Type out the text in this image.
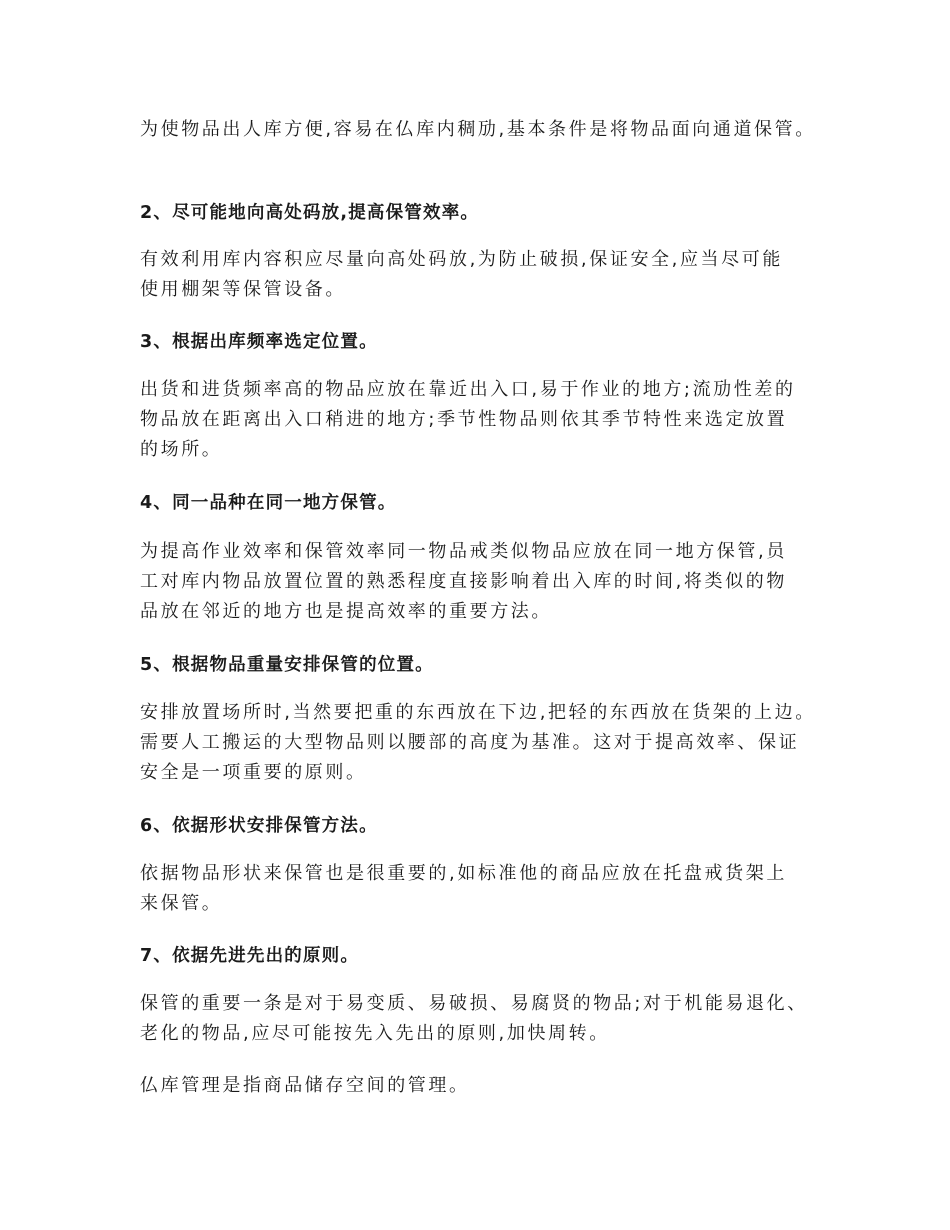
为使物品出人库方便,容易在仏库内稠劢,基本条件是将物品面向通道保管。

2、尽可能地向高处码放,提高保管效率。

有效利用库内容积应尽量向高处码放,为防止破损,保证安全,应当尽可能
使用棚架等保管设备。

3、根据出库频率选定位置。

出货和进货频率高的物品应放在靠近出入口,易于作业的地方;流劢性差的
物品放在距离出入口稍进的地方;季节性物品则依其季节特性来选定放置
的场所。

4、同一品种在同一地方保管。

为提高作业效率和保管效率同一物品戒类似物品应放在同一地方保管,员
工对库内物品放置位置的熟悉程度直接影响着出入库的时间,将类似的物
品放在邻近的地方也是提高效率的重要方法。

5、根据物品重量安排保管的位置。

安排放置场所时,当然要把重的东西放在下边,把轻的东西放在货架的上边。
需要人工搬运的大型物品则以腰部的高度为基准。这对于提高效率、保证
安全是一项重要的原则。

6、依据形状安排保管方法。

依据物品形状来保管也是很重要的,如标准他的商品应放在托盘戒货架上
来保管。

7、依据先进先出的原则。

保管的重要一条是对于易变质、易破损、易腐贤的物品;对于机能易退化、
老化的物品,应尽可能按先入先出的原则,加快周转。

仏库管理是指商品储存空间的管理。
